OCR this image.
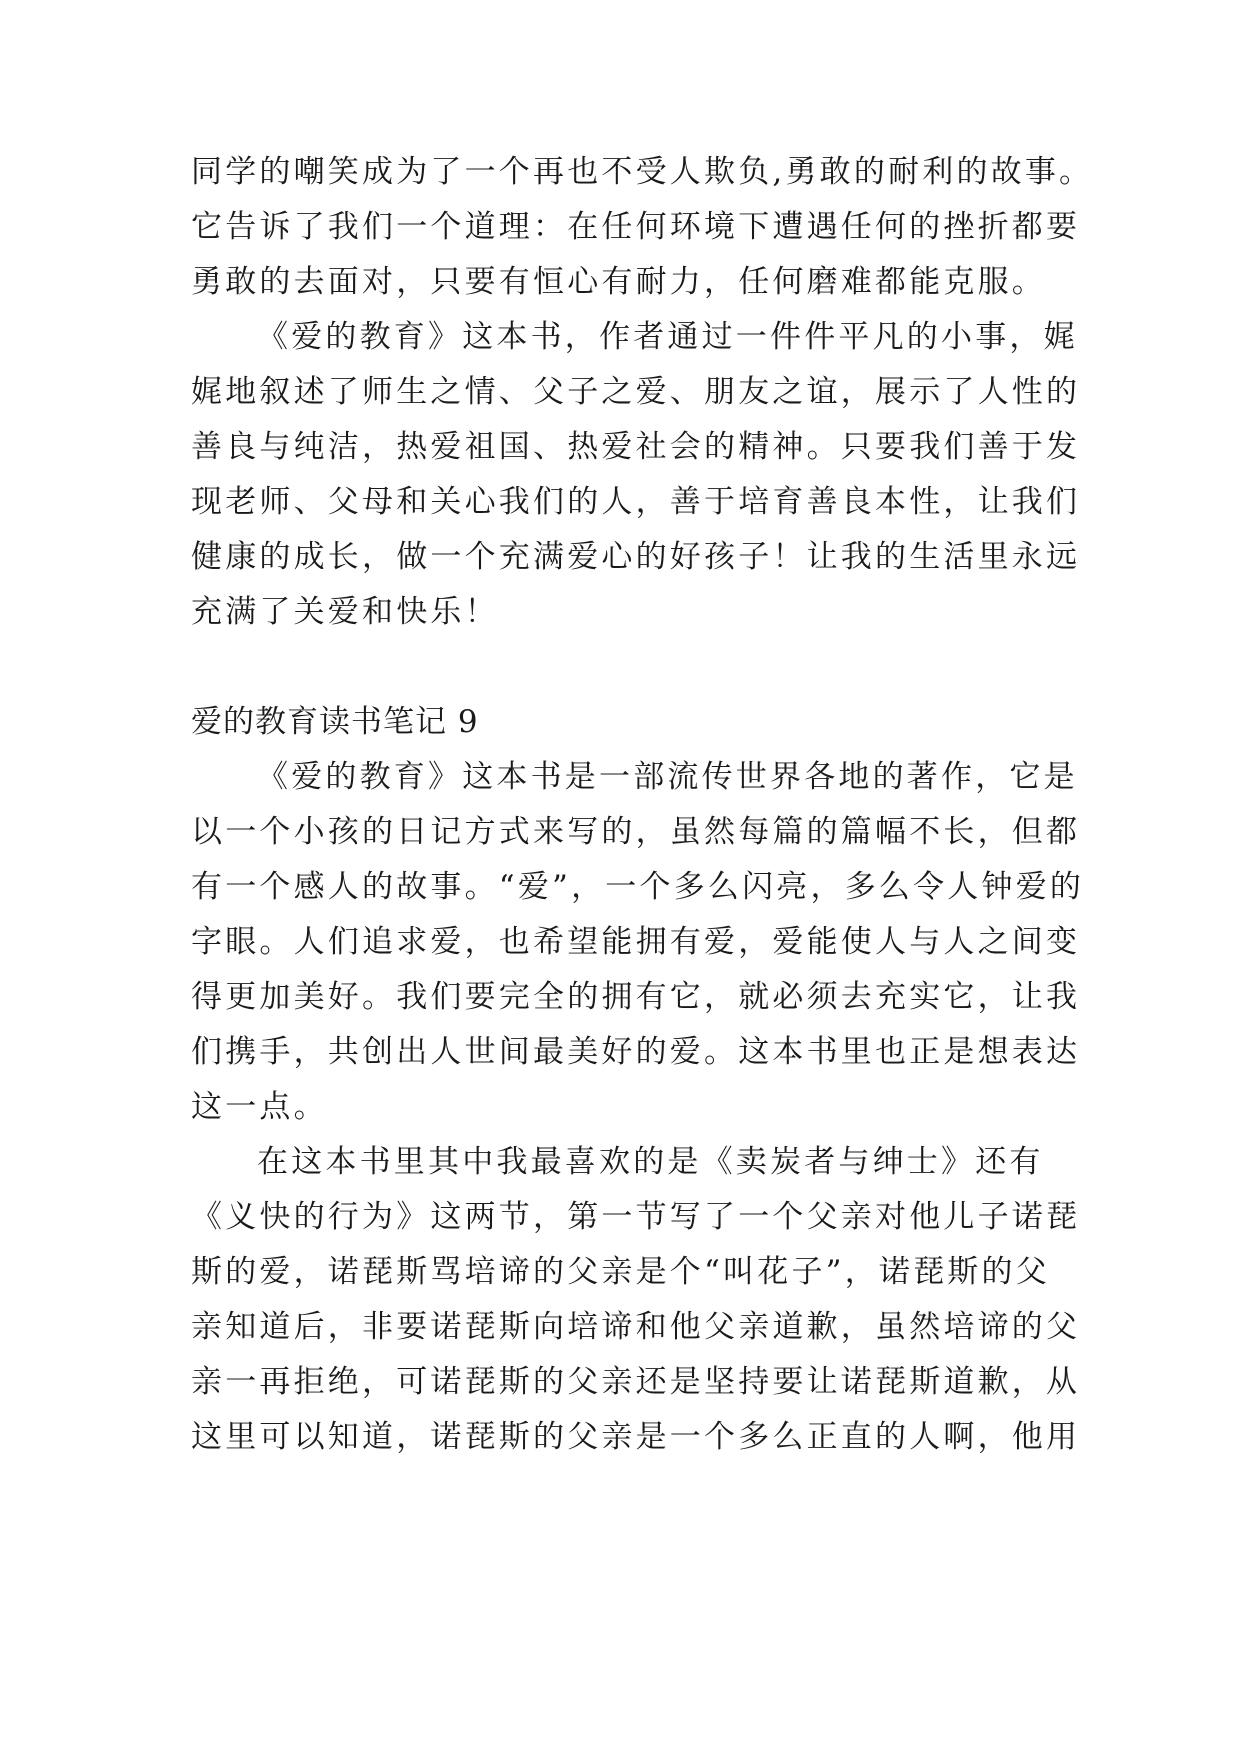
同学的嘲笑成为了一个再也不受人欺负,勇敢的耐利的故事。
它告诉了我们一个道理：在任何环境下遭遇任何的挫折都要
勇敢的去面对，只要有恒心有耐力，任何磨难都能克服。
《爱的教育》这本书，作者通过一件件平凡的小事，娓
娓地叙述了师生之情、父子之爱、朋友之谊，展示了人性的
善良与纯洁，热爱祖国、热爱社会的精神。只要我们善于发
现老师、父母和关心我们的人，善于培育善良本性，让我们
健康的成长，做一个充满爱心的好孩子！让我的生活里永远
充满了关爱和快乐！
爱的教育读书笔记 9
《爱的教育》这本书是一部流传世界各地的著作，它是
以一个小孩的日记方式来写的，虽然每篇的篇幅不长，但都
有一个感人的故事。“爱”，一个多么闪亮，多么令人钟爱的
字眼。人们追求爱，也希望能拥有爱，爱能使人与人之间变
得更加美好。我们要完全的拥有它，就必须去充实它，让我
们携手，共创出人世间最美好的爱。这本书里也正是想表达
这一点。
在这本书里其中我最喜欢的是《卖炭者与绅士》还有
《义快的行为》这两节，第一节写了一个父亲对他儿子诺琵
斯的爱，诺琵斯骂培谛的父亲是个“叫花子”，诺琵斯的父
亲知道后，非要诺琵斯向培谛和他父亲道歉，虽然培谛的父
亲一再拒绝，可诺琵斯的父亲还是坚持要让诺琵斯道歉，从
这里可以知道，诺琵斯的父亲是一个多么正直的人啊，他用
